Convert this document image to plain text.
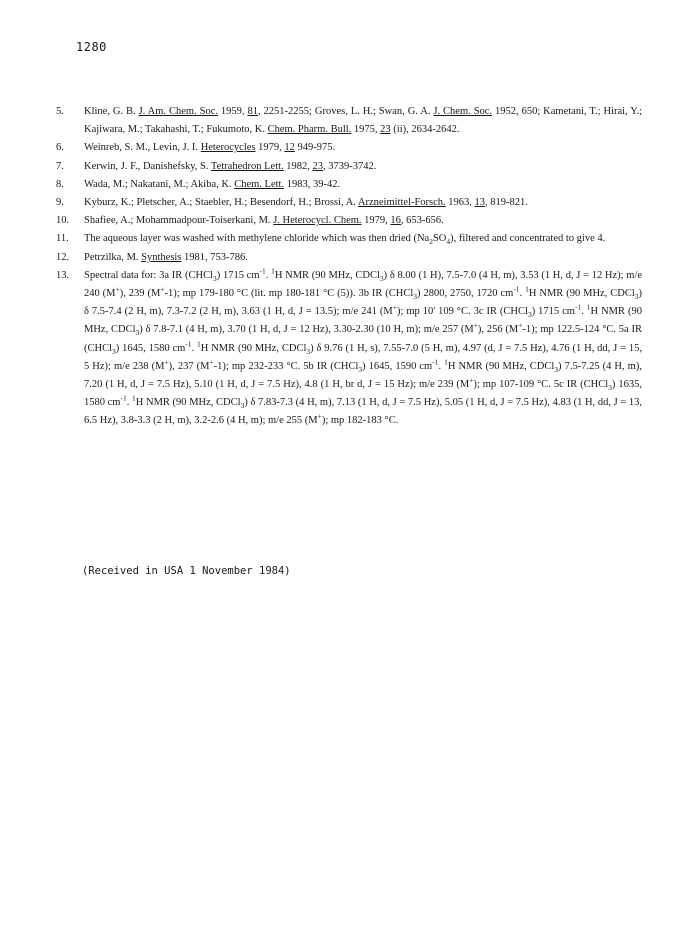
1280
5.	Kline, G. B. J. Am. Chem. Soc. 1959, 81, 2251-2255; Groves, L. H.; Swan, G. A. J. Chem. Soc. 1952, 650; Kametani, T.; Hirai, Y.; Kajiwara, M.; Takahashi, T.; Fukumoto, K. Chem. Pharm. Bull. 1975, 23 (ii), 2634-2642.
6.	Weinreb, S. M., Levin, J. I. Heterocycles 1979, 12 949-975.
7.	Kerwin, J. F., Danishefsky, S. Tetrahedron Lett. 1982, 23, 3739-3742.
8.	Wada, M.; Nakatani, M.; Akiba, K. Chem. Lett. 1983, 39-42.
9.	Kyburz, K.; Pletscher, A.; Staebler, H.; Besendorf, H.; Brossi, A. Arzneimittel-Forsch. 1963, 13, 819-821.
10.	Shafiee, A.; Mohammadpour-Toiserkani, M. J. Heterocycl. Chem. 1979, 16, 653-656.
11.	The aqueous layer was washed with methylene chloride which was then dried $(Na_2SO_4)$, filtered and concentrated to give 4.
12.	Petrzilka, M. Synthesis 1981, 753-786.
13.	Spectral data for: 3a IR (CHCl$_3$) 1715 $cm^{-1}$. $^1$H NMR (90 MHz, CDCl$_3$) δ 8.00 (1 H), 7.5-7.0 (4 H, m), 3.53 (1 H, d, J = 12 Hz); m/e 240 (M+), 239 (M+-1); mp 179-180 °C (lit. mp 180-181 °C (5)). 3b IR (CHCl$_3$) 2800, 2750, 1720 $cm^{-1}$. $^1$H NMR (90 MHz, CDCl$_3$) δ 7.5-7.4 (2 H, m), 7.3-7.2 (2 H, m), 3.63 (1 H, d, J = 13.5); m/e 241 (M+); mp 10' 109 °C. 3c IR (CHCl$_3$) 1715 $cm^{-1}$. $^1$H NMR (90 MHz, CDCl$_3$) δ 7.8-7.1 (4 H, m), 3.70 (1 H, d, J = 12 Hz), 3.30-2.30 (10 H, m); m/e 257 (M+), 256 (M+-1); mp 122.5-124 °C. 5a IR (CHCl$_3$) 1645, 1580 $cm^{-1}$. $^1$H NMR (90 MHz, CDCl$_3$) δ 9.76 (1 H, s), 7.55-7.0 (5 H, m), 4.97 (d, J = 7.5 Hz), 4.76 (1 H, dd, J = 15, 5 Hz); m/e 238 (M+), 237 (M+-1); mp 232-233 °C. 5b IR (CHCl$_3$) 1645, 1590 $cm^{-1}$. $^1$H NMR (90 MHz, CDCl$_3$) 7.5-7.25 (4 H, m), 7.20 (1 H, d, J = 7.5 Hz), 5.10 (1 H, d, J = 7.5 Hz), 4.8 (1 H, br d, J = 15 Hz); m/e 239 (M+); mp 107-109 °C. 5c IR (CHCl$_3$) 1635, 1580 $cm^{-1}$. $^1$H NMR (90 MHz, CDCl$_3$) δ 7.83-7.3 (4 H, m), 7.13 (1 H, d, J = 7.5 Hz), 5.05 (1 H, d, J = 7.5 Hz), 4.83 (1 H, dd, J = 13, 6.5 Hz), 3.8-3.3 (2 H, m), 3.2-2.6 (4 H, m); m/e 255 (M+); mp 182-183 °C.
(Received in USA 1 November 1984)
